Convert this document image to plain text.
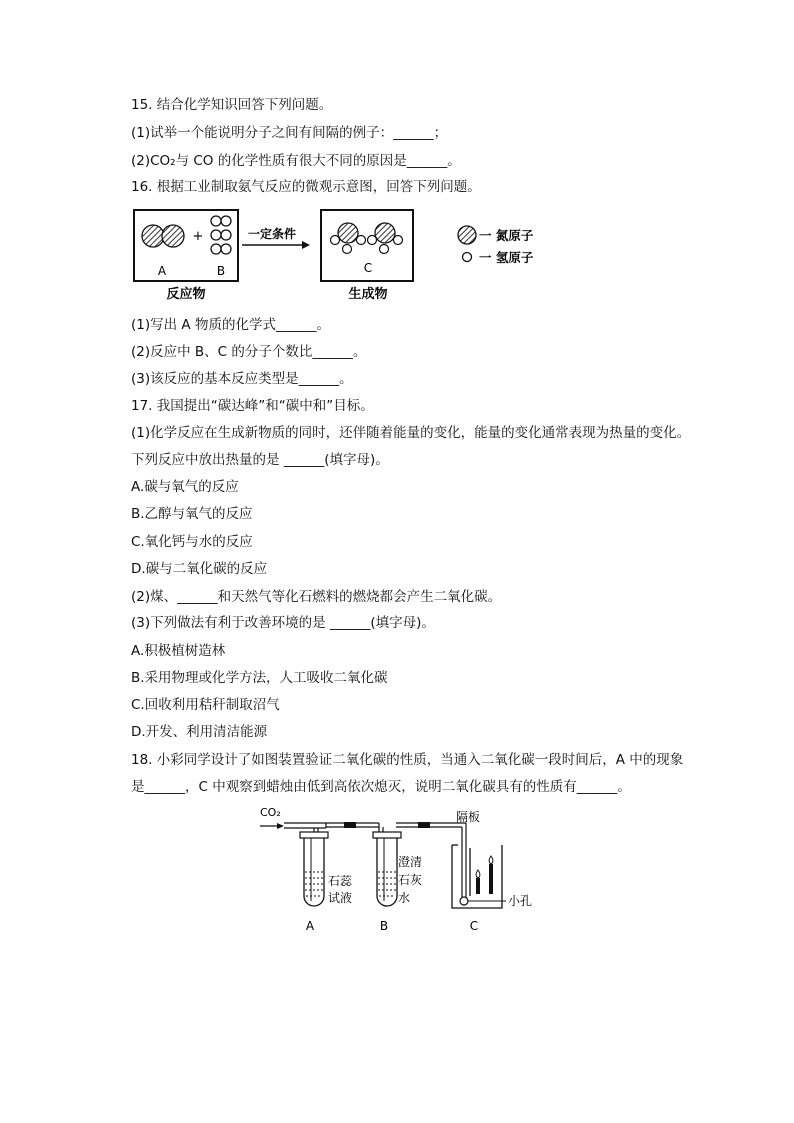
15. 结合化学知识回答下列问题。
(1)试举一个能说明分子之间有间隔的例子：______；
(2)CO₂与 CO 的化学性质有很大不同的原因是______。
16. 根据工业制取氨气反应的微观示意图，回答下列问题。
+
A	B
反应物
一定条件
C
生成物
一 氮原子
一 氢原子
(1)写出 A 物质的化学式______。
(2)反应中 B、C 的分子个数比______。
(3)该反应的基本反应类型是______。
17. 我国提出“碳达峰”和“碳中和”目标。
(1)化学反应在生成新物质的同时，还伴随着能量的变化，能量的变化通常表现为热量的变化。
下列反应中放出热量的是 ______(填字母)。
A.碳与氧气的反应
B.乙醇与氧气的反应
C.氧化钙与水的反应
D.碳与二氧化碳的反应
(2)煤、______和天然气等化石燃料的燃烧都会产生二氧化碳。
(3)下列做法有利于改善环境的是 ______(填字母)。
A.积极植树造林
B.采用物理或化学方法，人工吸收二氧化碳
C.回收利用秸秆制取沼气
D.开发、利用清洁能源
18. 小彩同学设计了如图装置验证二氧化碳的性质，当通入二氧化碳一段时间后，A 中的现象
是______，C 中观察到蜡烛由低到高依次熄灭，说明二氧化碳具有的性质有______。
CO₂
石蕊
试液
A
澄清
石灰
水
B
隔板
小孔
C
